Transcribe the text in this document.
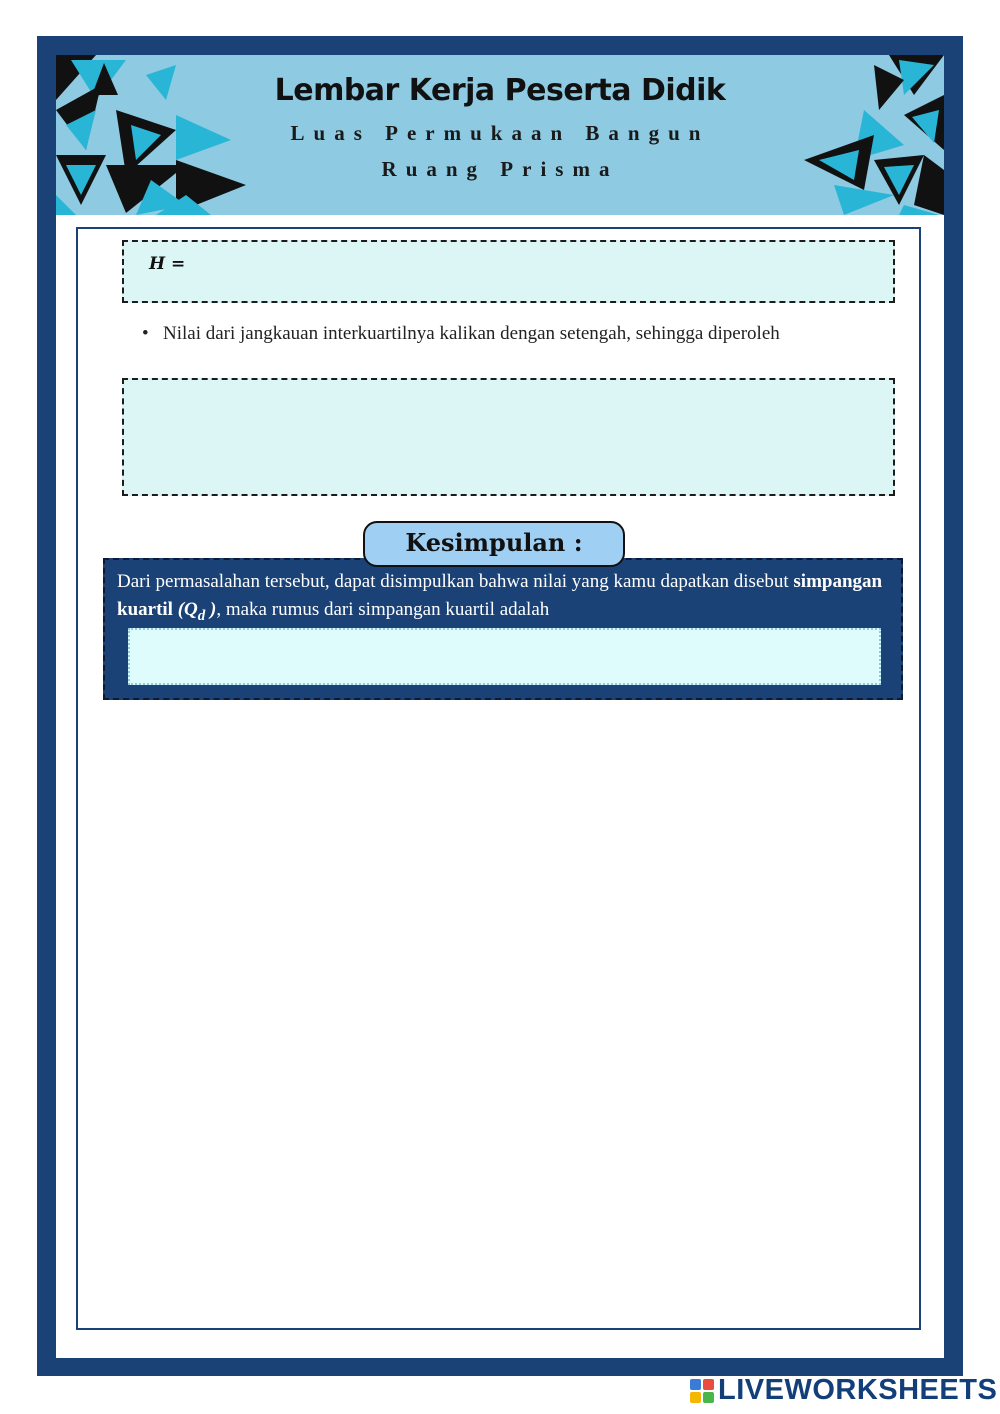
Lembar Kerja Peserta Didik
Luas Permukaan Bangun
Ruang Prisma
H =
• Nilai dari jangkauan interkuartilnya kalikan dengan setengah, sehingga diperoleh
Dari permasalahan tersebut, dapat disimpulkan bahwa nilai yang kamu dapatkan disebut simpangan kuartil ($Q_d$ ), maka rumus dari simpangan kuartil adalah
Kesimpulan :
LIVEWORKSHEETS
